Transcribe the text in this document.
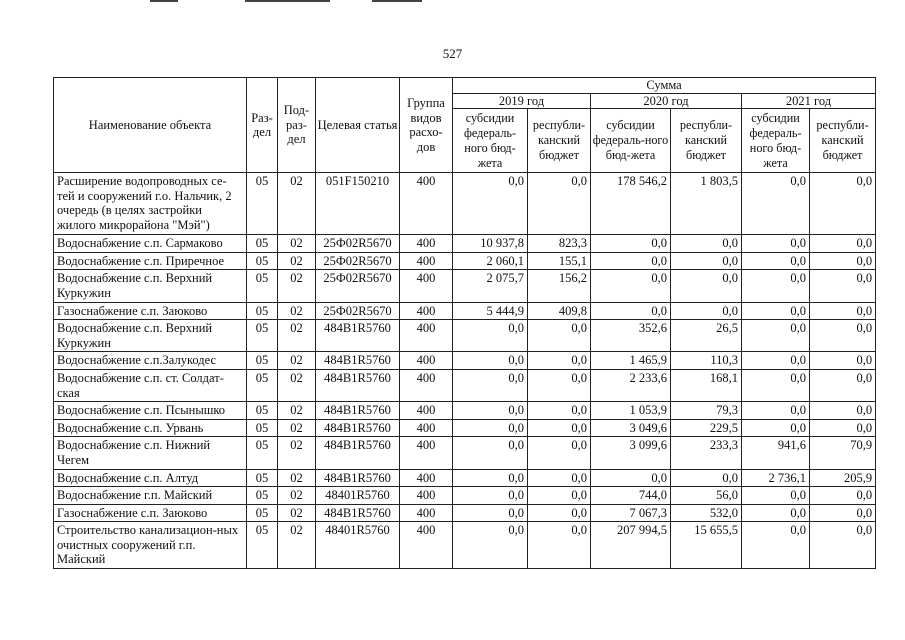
527
Наименование объекта	Раз-дел	Под-раз-дел	Целевая статья	Группа видов расхо-дов	Сумма					
					2019 год		2020 год		2021 год	
					субсидии федераль-ного бюд-жета	республи-канский бюджет	субсидии федераль-ного бюд-жета	республи-канский бюджет	субсидии федераль-ного бюд-жета	республи-канский бюджет
Расширение водопроводных се-тей и сооружений г.о. Нальчик, 2 очередь (в целях застройки жилого микрорайона "Мэй")	05	02	051F150210	400	0,0	0,0	178 546,2	1 803,5	0,0	0,0
Водоснабжение с.п. Сармаково	05	02	25Ф02R5670	400	10 937,8	823,3	0,0	0,0	0,0	0,0
Водоснабжение с.п. Приречное	05	02	25Ф02R5670	400	2 060,1	155,1	0,0	0,0	0,0	0,0
Водоснабжение с.п. Верхний Куркужин	05	02	25Ф02R5670	400	2 075,7	156,2	0,0	0,0	0,0	0,0
Газоснабжение с.п. Заюково	05	02	25Ф02R5670	400	5 444,9	409,8	0,0	0,0	0,0	0,0
Водоснабжение с.п. Верхний Куркужин	05	02	484B1R5760	400	0,0	0,0	352,6	26,5	0,0	0,0
Водоснабжение с.п.Залукодес	05	02	484B1R5760	400	0,0	0,0	1 465,9	110,3	0,0	0,0
Водоснабжение с.п. ст. Солдат-ская	05	02	484B1R5760	400	0,0	0,0	2 233,6	168,1	0,0	0,0
Водоснабжение с.п. Псынышко	05	02	484B1R5760	400	0,0	0,0	1 053,9	79,3	0,0	0,0
Водоснабжение с.п. Урвань	05	02	484B1R5760	400	0,0	0,0	3 049,6	229,5	0,0	0,0
Водоснабжение с.п. Нижний Чегем	05	02	484B1R5760	400	0,0	0,0	3 099,6	233,3	941,6	70,9
Водоснабжение с.п. Алтуд	05	02	484B1R5760	400	0,0	0,0	0,0	0,0	2 736,1	205,9
Водоснабжение г.п. Майский	05	02	48401R5760	400	0,0	0,0	744,0	56,0	0,0	0,0
Газоснабжение с.п. Заюково	05	02	484B1R5760	400	0,0	0,0	7 067,3	532,0	0,0	0,0
Строительство канализацион-ных очистных сооружений г.п. Майский	05	02	48401R5760	400	0,0	0,0	207 994,5	15 655,5	0,0	0,0
